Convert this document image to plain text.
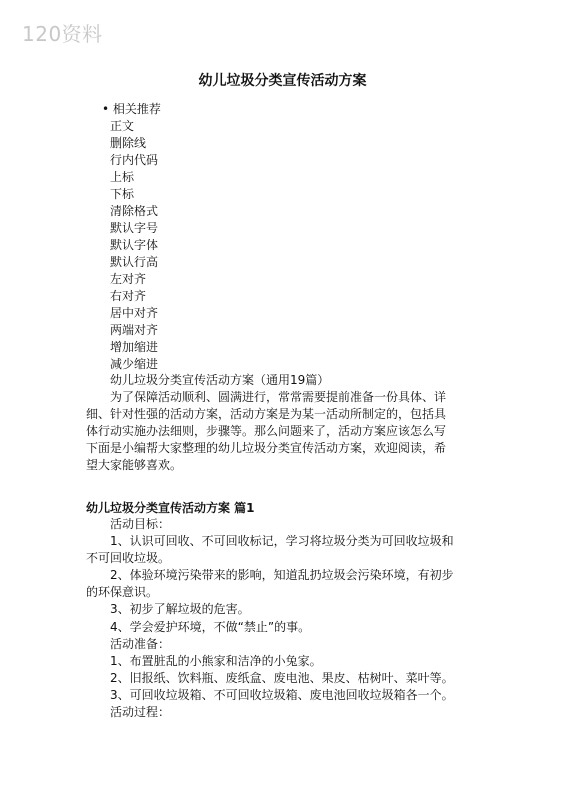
120资料
幼儿垃圾分类宣传活动方案
• 相关推荐
正文
删除线
行内代码
上标
下标
清除格式
默认字号
默认字体
默认行高
左对齐
右对齐
居中对齐
两端对齐
增加缩进
减少缩进
幼儿垃圾分类宣传活动方案（通用19篇）
为了保障活动顺利、圆满进行，常常需要提前准备一份具体、详
细、针对性强的活动方案，活动方案是为某一活动所制定的，包括具
体行动实施办法细则，步骤等。那么问题来了，活动方案应该怎么写
下面是小编帮大家整理的幼儿垃圾分类宣传活动方案，欢迎阅读，希
望大家能够喜欢。
幼儿垃圾分类宣传活动方案 篇1
活动目标：
1、认识可回收、不可回收标记，学习将垃圾分类为可回收垃圾和
不可回收垃圾。
2、体验环境污染带来的影响，知道乱扔垃圾会污染环境，有初步
的环保意识。
3、初步了解垃圾的危害。
4、学会爱护环境，不做“禁止”的事。
活动准备：
1、布置脏乱的小熊家和洁净的小兔家。
2、旧报纸、饮料瓶、废纸盒、废电池、果皮、枯树叶、菜叶等。
3、可回收垃圾箱、不可回收垃圾箱、废电池回收垃圾箱各一个。
活动过程：
